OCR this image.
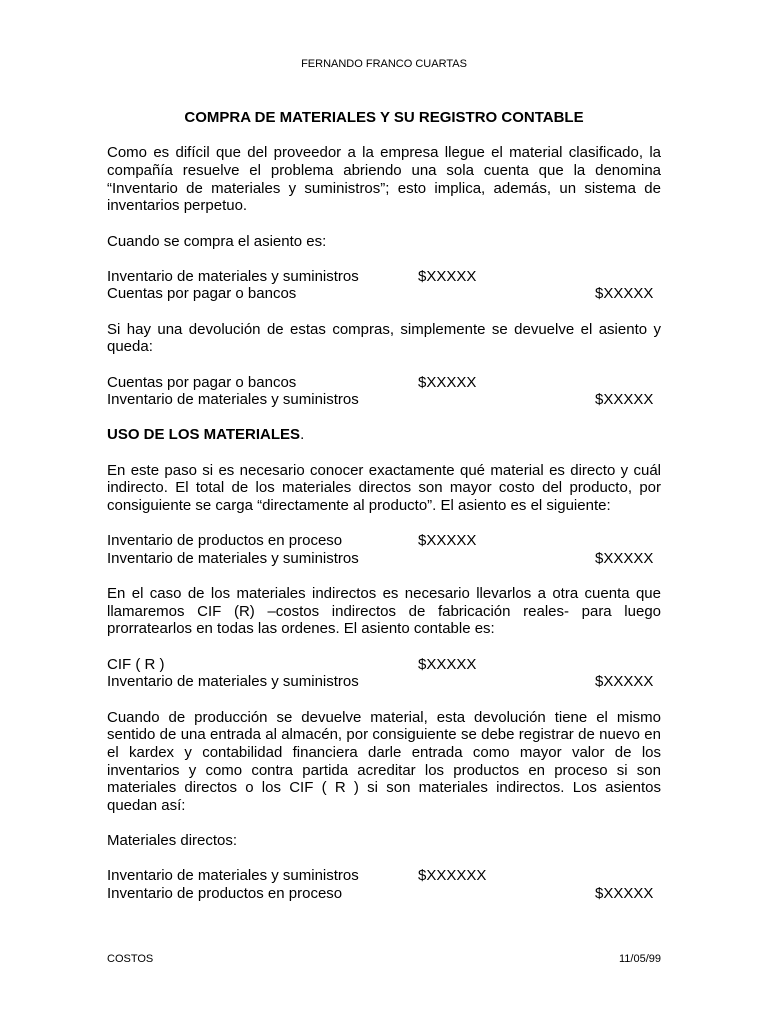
FERNANDO FRANCO CUARTAS

COMPRA DE MATERIALES Y SU REGISTRO CONTABLE

Como es difícil que del proveedor a la empresa llegue el material clasificado, la compañía resuelve el problema abriendo una sola cuenta que la denomina “Inventario de materiales y suministros”; esto implica, además, un sistema de inventarios perpetuo.

Cuando se compra el asiento es:

Inventario de materiales y suministros	$XXXXX
Cuentas por pagar o bancos	$XXXXX

Si hay una devolución de estas compras, simplemente se devuelve el asiento y queda:

Cuentas por pagar o bancos	$XXXXX
Inventario de materiales y suministros	$XXXXX

USO DE LOS MATERIALES.

En este paso si es necesario conocer exactamente qué material es directo y cuál indirecto. El total de los materiales directos son mayor costo del producto, por consiguiente se carga “directamente al producto”. El asiento es el siguiente:

Inventario de productos en proceso	$XXXXX
Inventario de materiales y suministros	$XXXXX

En el caso de los materiales indirectos es necesario llevarlos a otra cuenta que llamaremos CIF (R) –costos indirectos de fabricación reales- para luego prorratearlos en todas las ordenes. El asiento contable es:

CIF ( R )	$XXXXX
Inventario de materiales y suministros	$XXXXX

Cuando de producción se devuelve material, esta devolución tiene el mismo sentido de una entrada al almacén, por consiguiente se debe registrar de nuevo en el kardex y contabilidad financiera darle entrada como mayor valor de los inventarios y como contra partida acreditar los productos en proceso si son materiales directos o los CIF ( R ) si son materiales indirectos. Los asientos quedan así:

Materiales directos:

Inventario de materiales y suministros	$XXXXXX
Inventario de productos en proceso	$XXXXX
COSTOS	11/05/99
